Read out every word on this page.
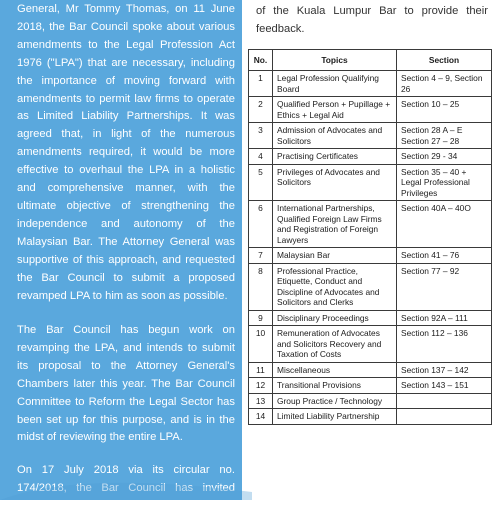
General, Mr Tommy Thomas, on 11 June 2018, the Bar Council spoke about various amendments to the Legal Profession Act 1976 ("LPA") that are necessary, including the importance of moving forward with amendments to permit law firms to operate as Limited Liability Partnerships. It was agreed that, in light of the numerous amendments required, it would be more effective to overhaul the LPA in a holistic and comprehensive manner, with the ultimate objective of strengthening the independence and autonomy of the Malaysian Bar. The Attorney General was supportive of this approach, and requested the Bar Council to submit a proposed revamped LPA to him as soon as possible.

The Bar Council has begun work on revamping the LPA, and intends to submit its proposal to the Attorney General's Chambers later this year. The Bar Council Committee to Reform the Legal Sector has been set up for this purpose, and is in the midst of reviewing the entire LPA.

On 17 July 2018 via its circular no. 174/2018, the Bar Council has invited Members of the

of the Kuala Lumpur Bar to provide their feedback.
No.	Topics	Section
1	Legal Profession Qualifying Board	Section 4 – 9, Section 26
2	Qualified Person + Pupillage + Ethics + Legal Aid	Section 10 – 25
3	Admission of Advocates and Solicitors	Section 28 A – E Section 27 – 28
4	Practising Certificates	Section 29 - 34
5	Privileges of Advocates and Solicitors	Section 35 – 40 + Legal Professional Privileges
6	International Partnerships, Qualified Foreign Law Firms and Registration of Foreign Lawyers	Section 40A – 40O
7	Malaysian Bar	Section 41 – 76
8	Professional Practice, Etiquette, Conduct and Discipline of Advocates and Solicitors and Clerks	Section 77 – 92
9	Disciplinary Proceedings	Section 92A – 111
10	Remuneration of Advocates and Solicitors Recovery and Taxation of Costs	Section 112 – 136
11	Miscellaneous	Section 137 – 142
12	Transitional Provisions	Section 143 – 151
13	Group Practice / Technology	
14	Limited Liability Partnership	
